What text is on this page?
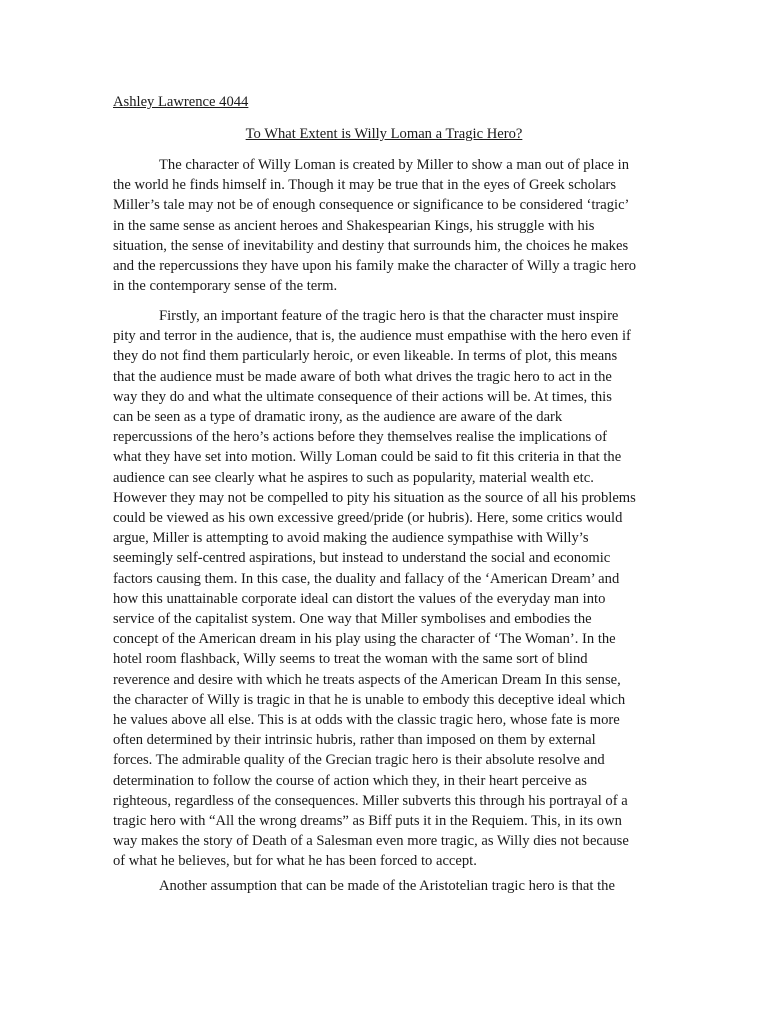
Ashley Lawrence 4044
To What Extent is Willy Loman a Tragic Hero?
The character of Willy Loman is created by Miller to show a man out of place in
the world he finds himself in. Though it may be true that in the eyes of Greek scholars
Miller’s tale may not be of enough consequence or significance to be considered ‘tragic’
in the same sense as ancient heroes and Shakespearian Kings, his struggle with his
situation, the sense of inevitability and destiny that surrounds him, the choices he makes
and the repercussions they have upon his family make the character of Willy a tragic hero
in the contemporary sense of the term.
Firstly, an important feature of the tragic hero is that the character must inspire
pity and terror in the audience, that is, the audience must empathise with the hero even if
they do not find them particularly heroic, or even likeable. In terms of plot, this means
that the audience must be made aware of both what drives the tragic hero to act in the
way they do and what the ultimate consequence of their actions will be. At times, this
can be seen as a type of dramatic irony, as the audience are aware of the dark
repercussions of the hero’s actions before they themselves realise the implications of
what they have set into motion. Willy Loman could be said to fit this criteria in that the
audience can see clearly what he aspires to such as popularity, material wealth etc.
However they may not be compelled to pity his situation as the source of all his problems
could be viewed as his own excessive greed/pride (or hubris). Here, some critics would
argue, Miller is attempting to avoid making the audience sympathise with Willy’s
seemingly self-centred aspirations, but instead to understand the social and economic
factors causing them. In this case, the duality and fallacy of the ‘American Dream’ and
how this unattainable corporate ideal can distort the values of the everyday man into
service of the capitalist system. One way that Miller symbolises and embodies the
concept of the American dream in his play using the character of ‘The Woman’. In the
hotel room flashback, Willy seems to treat the woman with the same sort of blind
reverence and desire with which he treats aspects of the American Dream In this sense,
the character of Willy is tragic in that he is unable to embody this deceptive ideal which
he values above all else. This is at odds with the classic tragic hero, whose fate is more
often determined by their intrinsic hubris, rather than imposed on them by external
forces. The admirable quality of the Grecian tragic hero is their absolute resolve and
determination to follow the course of action which they, in their heart perceive as
righteous, regardless of the consequences. Miller subverts this through his portrayal of a
tragic hero with “All the wrong dreams” as Biff puts it in the Requiem. This, in its own
way makes the story of Death of a Salesman even more tragic, as Willy dies not because
of what he believes, but for what he has been forced to accept.
Another assumption that can be made of the Aristotelian tragic hero is that the
